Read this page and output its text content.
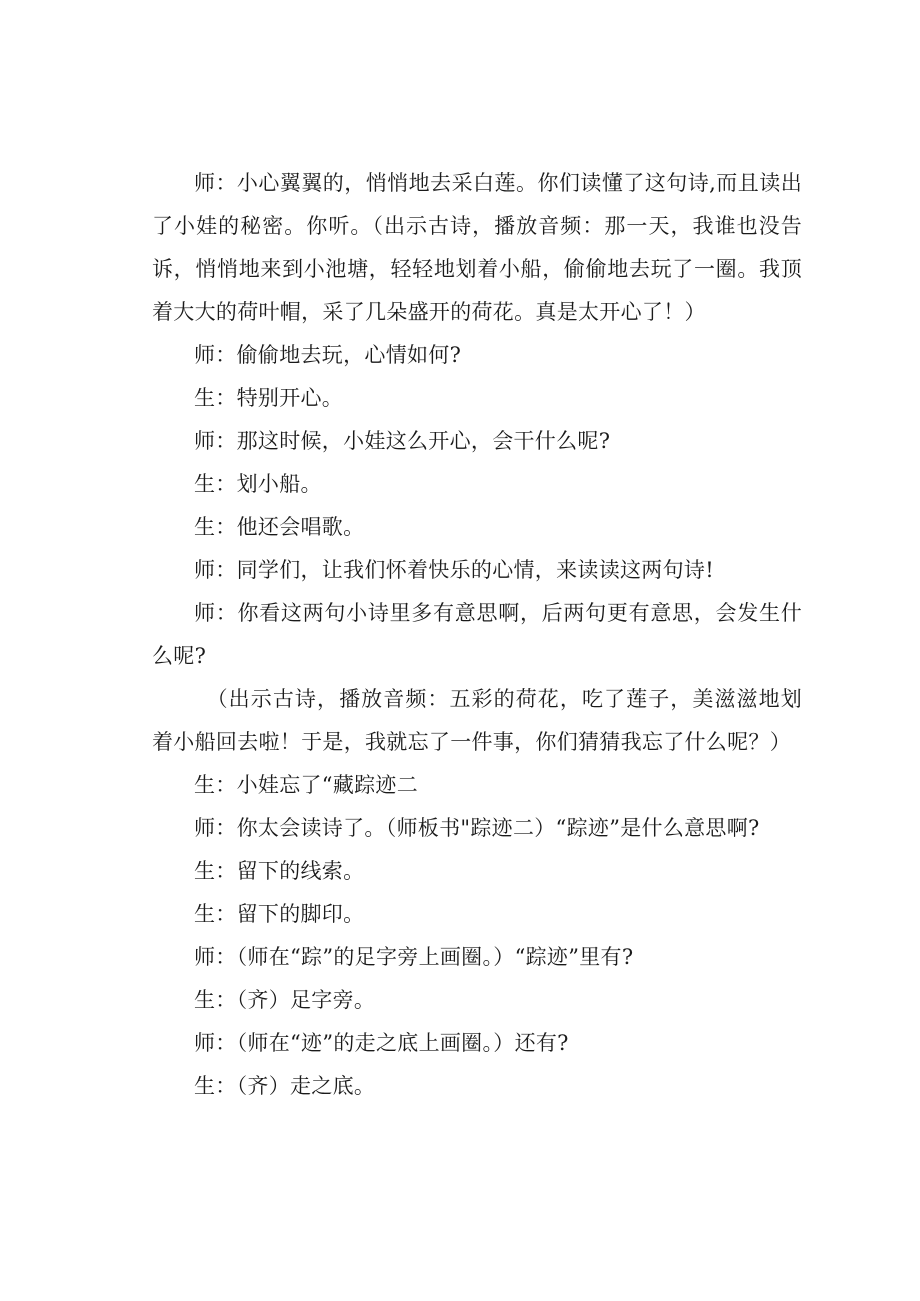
师：小心翼翼的，悄悄地去采白莲。你们读懂了这句诗,而且读出了小娃的秘密。你听。（出示古诗，播放音频：那一天，我谁也没告诉，悄悄地来到小池塘，轻轻地划着小船，偷偷地去玩了一圈。我顶着大大的荷叶帽，采了几朵盛开的荷花。真是太开心了！）

师：偷偷地去玩，心情如何?

生：特别开心。

师：那这时候，小娃这么开心，会干什么呢?

生：划小船。

生：他还会唱歌。

师：同学们，让我们怀着快乐的心情，来读读这两句诗!

师：你看这两句小诗里多有意思啊，后两句更有意思，会发生什么呢?

（出示古诗，播放音频：五彩的荷花，吃了莲子，美滋滋地划着小船回去啦！于是，我就忘了一件事，你们猜猜我忘了什么呢？）

生：小娃忘了“藏踪迹二

师：你太会读诗了。（师板书"踪迹二）“踪迹”是什么意思啊?

生：留下的线索。

生：留下的脚印。

师：（师在“踪”的足字旁上画圈。）“踪迹”里有?

生：（齐）足字旁。

师：（师在“迹”的走之底上画圈。）还有?

生：（齐）走之底。
